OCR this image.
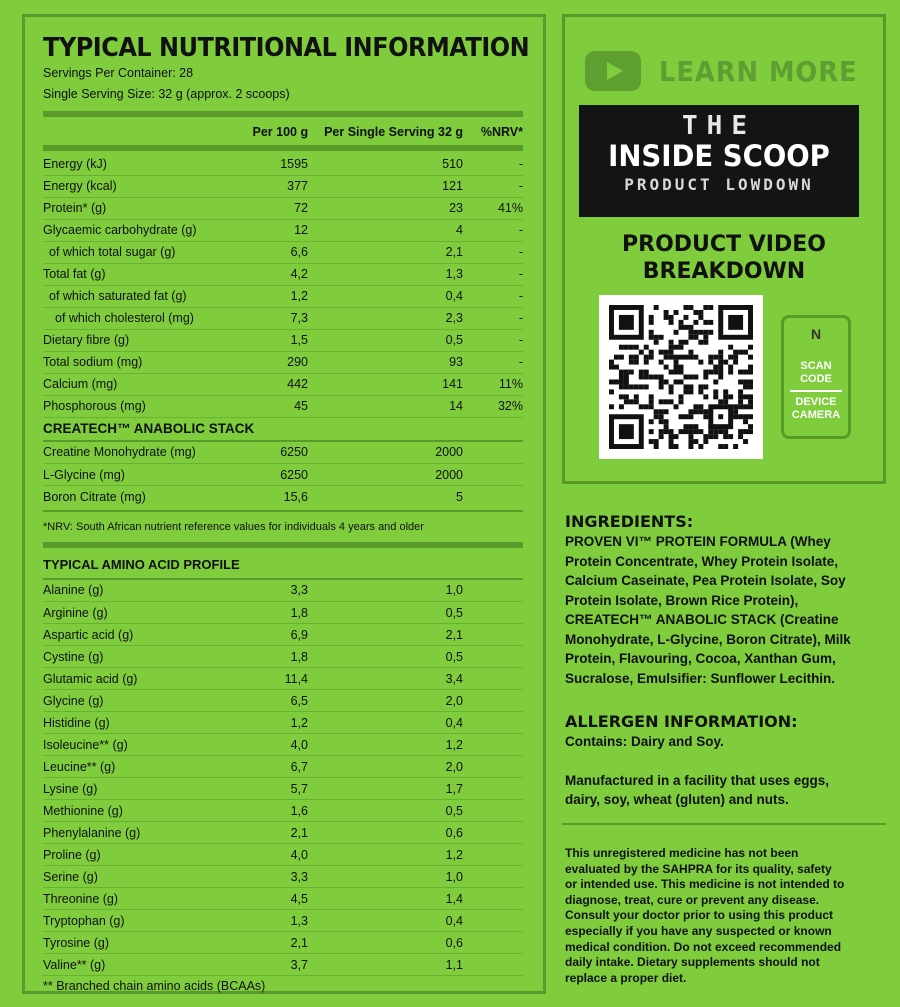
TYPICAL NUTRITIONAL INFORMATION
Servings Per Container: 28
Single Serving Size: 32 g (approx. 2 scoops)
	Per 100 g	Per Single Serving 32 g	%NRV*
Energy (kJ)	1595	510	-
Energy (kcal)	377	121	-
Protein* (g)	72	23	41%
Glycaemic carbohydrate (g)	12	4	-
of which total sugar (g)	6,6	2,1	-
Total fat (g)	4,2	1,3	-
of which saturated fat (g)	1,2	0,4	-
of which cholesterol (mg)	7,3	2,3	-
Dietary fibre (g)	1,5	0,5	-
Total sodium (mg)	290	93	-
Calcium (mg)	442	141	11%
Phosphorous (mg)	45	14	32%
CREATECH™ ANABOLIC STACK
Creatine Monohydrate (mg)	6250	2000	
L-Glycine (mg)	6250	2000	
Boron Citrate (mg)	15,6	5	
*NRV: South African nutrient reference values for individuals 4 years and older
TYPICAL AMINO ACID PROFILE
Alanine (g)	3,3	1,0	
Arginine (g)	1,8	0,5	
Aspartic acid (g)	6,9	2,1	
Cystine (g)	1,8	0,5	
Glutamic acid (g)	11,4	3,4	
Glycine (g)	6,5	2,0	
Histidine (g)	1,2	0,4	
Isoleucine** (g)	4,0	1,2	
Leucine** (g)	6,7	2,0	
Lysine (g)	5,7	1,7	
Methionine (g)	1,6	0,5	
Phenylalanine (g)	2,1	0,6	
Proline (g)	4,0	1,2	
Serine (g)	3,3	1,0	
Threonine (g)	4,5	1,4	
Tryptophan (g)	1,3	0,4	
Tyrosine (g)	2,1	0,6	
Valine** (g)	3,7	1,1	
** Branched chain amino acids (BCAAs)
LEARN MORE
THE
INSIDE SCOOP
PRODUCT LOWDOWN
PRODUCT VIDEO
BREAKDOWN
N
SCAN
CODE
DEVICE
CAMERA
INGREDIENTS:

PROVEN VI™ PROTEIN FORMULA (Whey

Protein Concentrate, Whey Protein Isolate,

Calcium Caseinate, Pea Protein Isolate, Soy

Protein Isolate, Brown Rice Protein),

CREATECH™ ANABOLIC STACK (Creatine

Monohydrate, L-Glycine, Boron Citrate), Milk

Protein, Flavouring, Cocoa, Xanthan Gum,

Sucralose, Emulsifier: Sunflower Lecithin.

ALLERGEN INFORMATION:

Contains: Dairy and Soy.

Manufactured in a facility that uses eggs,

dairy, soy, wheat (gluten) and nuts.

This unregistered medicine has not been

evaluated by the SAHPRA for its quality, safety

or intended use. This medicine is not intended to

diagnose, treat, cure or prevent any disease.

Consult your doctor prior to using this product

especially if you have any suspected or known

medical condition. Do not exceed recommended

daily intake. Dietary supplements should not

replace a proper diet.
